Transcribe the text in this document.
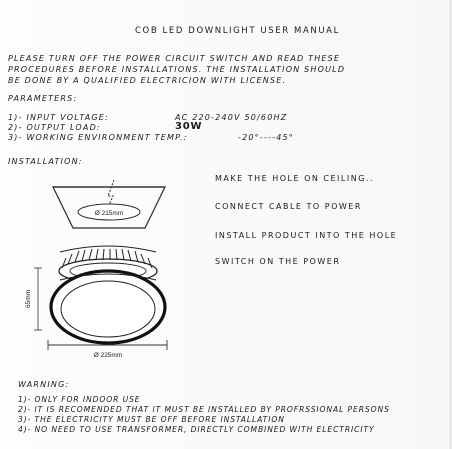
COB LED DOWNLIGHT USER MANUAL
PLEASE TURN OFF THE POWER CIRCUIT SWITCH AND READ THESE
PROCEDURES BEFORE INSTALLATIONS. THE INSTALLATION SHOULD
BE DONE BY A QUALIFIED ELECTRICION WITH LICENSE.
PARAMETERS:
1)- INPUT VOLTAGE:	AC 220-240V 50/60HZ
2)- OUTPUT LOAD:	30W
3)- WORKING ENVIRONMENT TEMP.:	-20°----45°
INSTALLATION:
MAKE THE HOLE ON CEILING..
CONNECT CABLE TO POWER
INSTALL PRODUCT INTO THE HOLE
SWITCH ON THE POWER
Ø 215mm
65mm
Ø 225mm
WARNING:
1)- ONLY FOR INDOOR USE
2)- IT IS RECOMENDED THAT IT MUST BE INSTALLED BY PROFRSSIONAL PERSONS
3)- THE ELECTRICITY MUST BE OFF BEFORE INSTALLATION
4)- NO NEED TO USE TRANSFORMER, DIRECTLY COMBINED WITH ELECTRICITY
